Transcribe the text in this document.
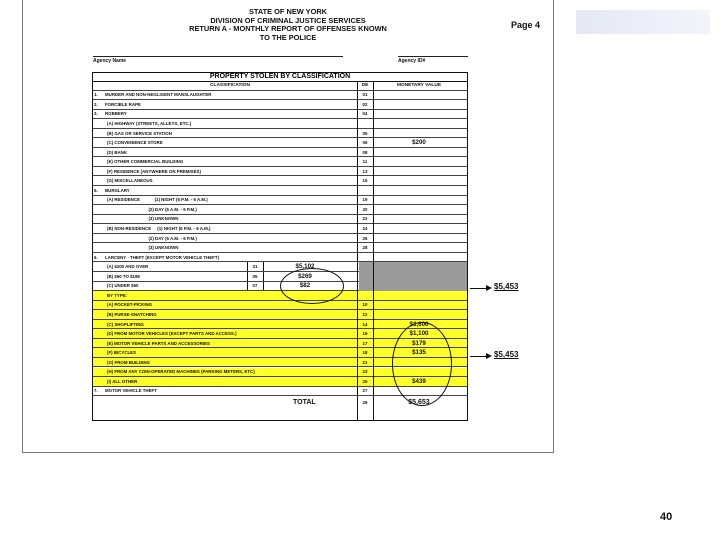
STATE OF NEW YORK
DIVISION OF CRIMINAL JUSTICE SERVICES
RETURN A - MONTHLY REPORT OF OFFENSES KNOWN
TO THE POLICE
Page 4
Agency Name	Agency ID#
PROPERTY STOLEN BY CLASSIFICATION
CLASSIFICATION	DE	MONETARY VALUE
1.	MURDER AND NON-NEGLIGENT MANSLAUGHTER	01
2.	FORCIBLE RAPE	02
3.	ROBBERY	04
(A) HIGHWAY (STREETS, ALLEYS, ETC.)
(B) GAS OR SERVICE STATION	05
(C) CONVENIENCE STORE	06	$200
(D) BANK	08
(E) OTHER COMMERCIAL BUILDING	11
(F) RESIDENCE (ANYWHERE ON PREMISES)	13
(G) MISCELLANEOUS	15
5.	BURGLARY
(A) RESIDENCE            (1) NIGHT (6 P.M. - 6 A.M.)	19
(2) DAY (6 A.M. - 6 P.M.)	20
(3) UNKNOWN	22
(B) NON-RESIDENCE     (1) NIGHT (6 P.M. - 6 A.M.)	24
(2) DAY (6 A.M. - 6 P.M.)	26
(3) UNKNOWN	28
6.	LARCENY - THEFT (EXCEPT MOTOR VEHICLE THEFT)
(A) $200 AND OVER	31	$5,102
(B) $50 TO $199	05	$269
(C) UNDER $50	07	$82
BY TYPE:
(A) POCKET-PICKING	10
(B) PURSE-SNATCHING	12
(C) SHOPLIFTING	14	$3,600
(D) FROM MOTOR VEHICLES (EXCEPT PARTS AND ACCESS.)	16	$1,100
(E) MOTOR VEHICLE PARTS AND ACCESSORIES	17	$179
(F) BICYCLES	18	$135
(G) FROM BUILDING	21
(H) FROM ANY COIN-OPERATED MACHINES (PARKING METERS, ETC)	23
(I) ALL OTHER	25	$439
7.	MOTOR VEHICLE THEFT	27
TOTAL	28	$5,653
$5,453
$5,453
40
